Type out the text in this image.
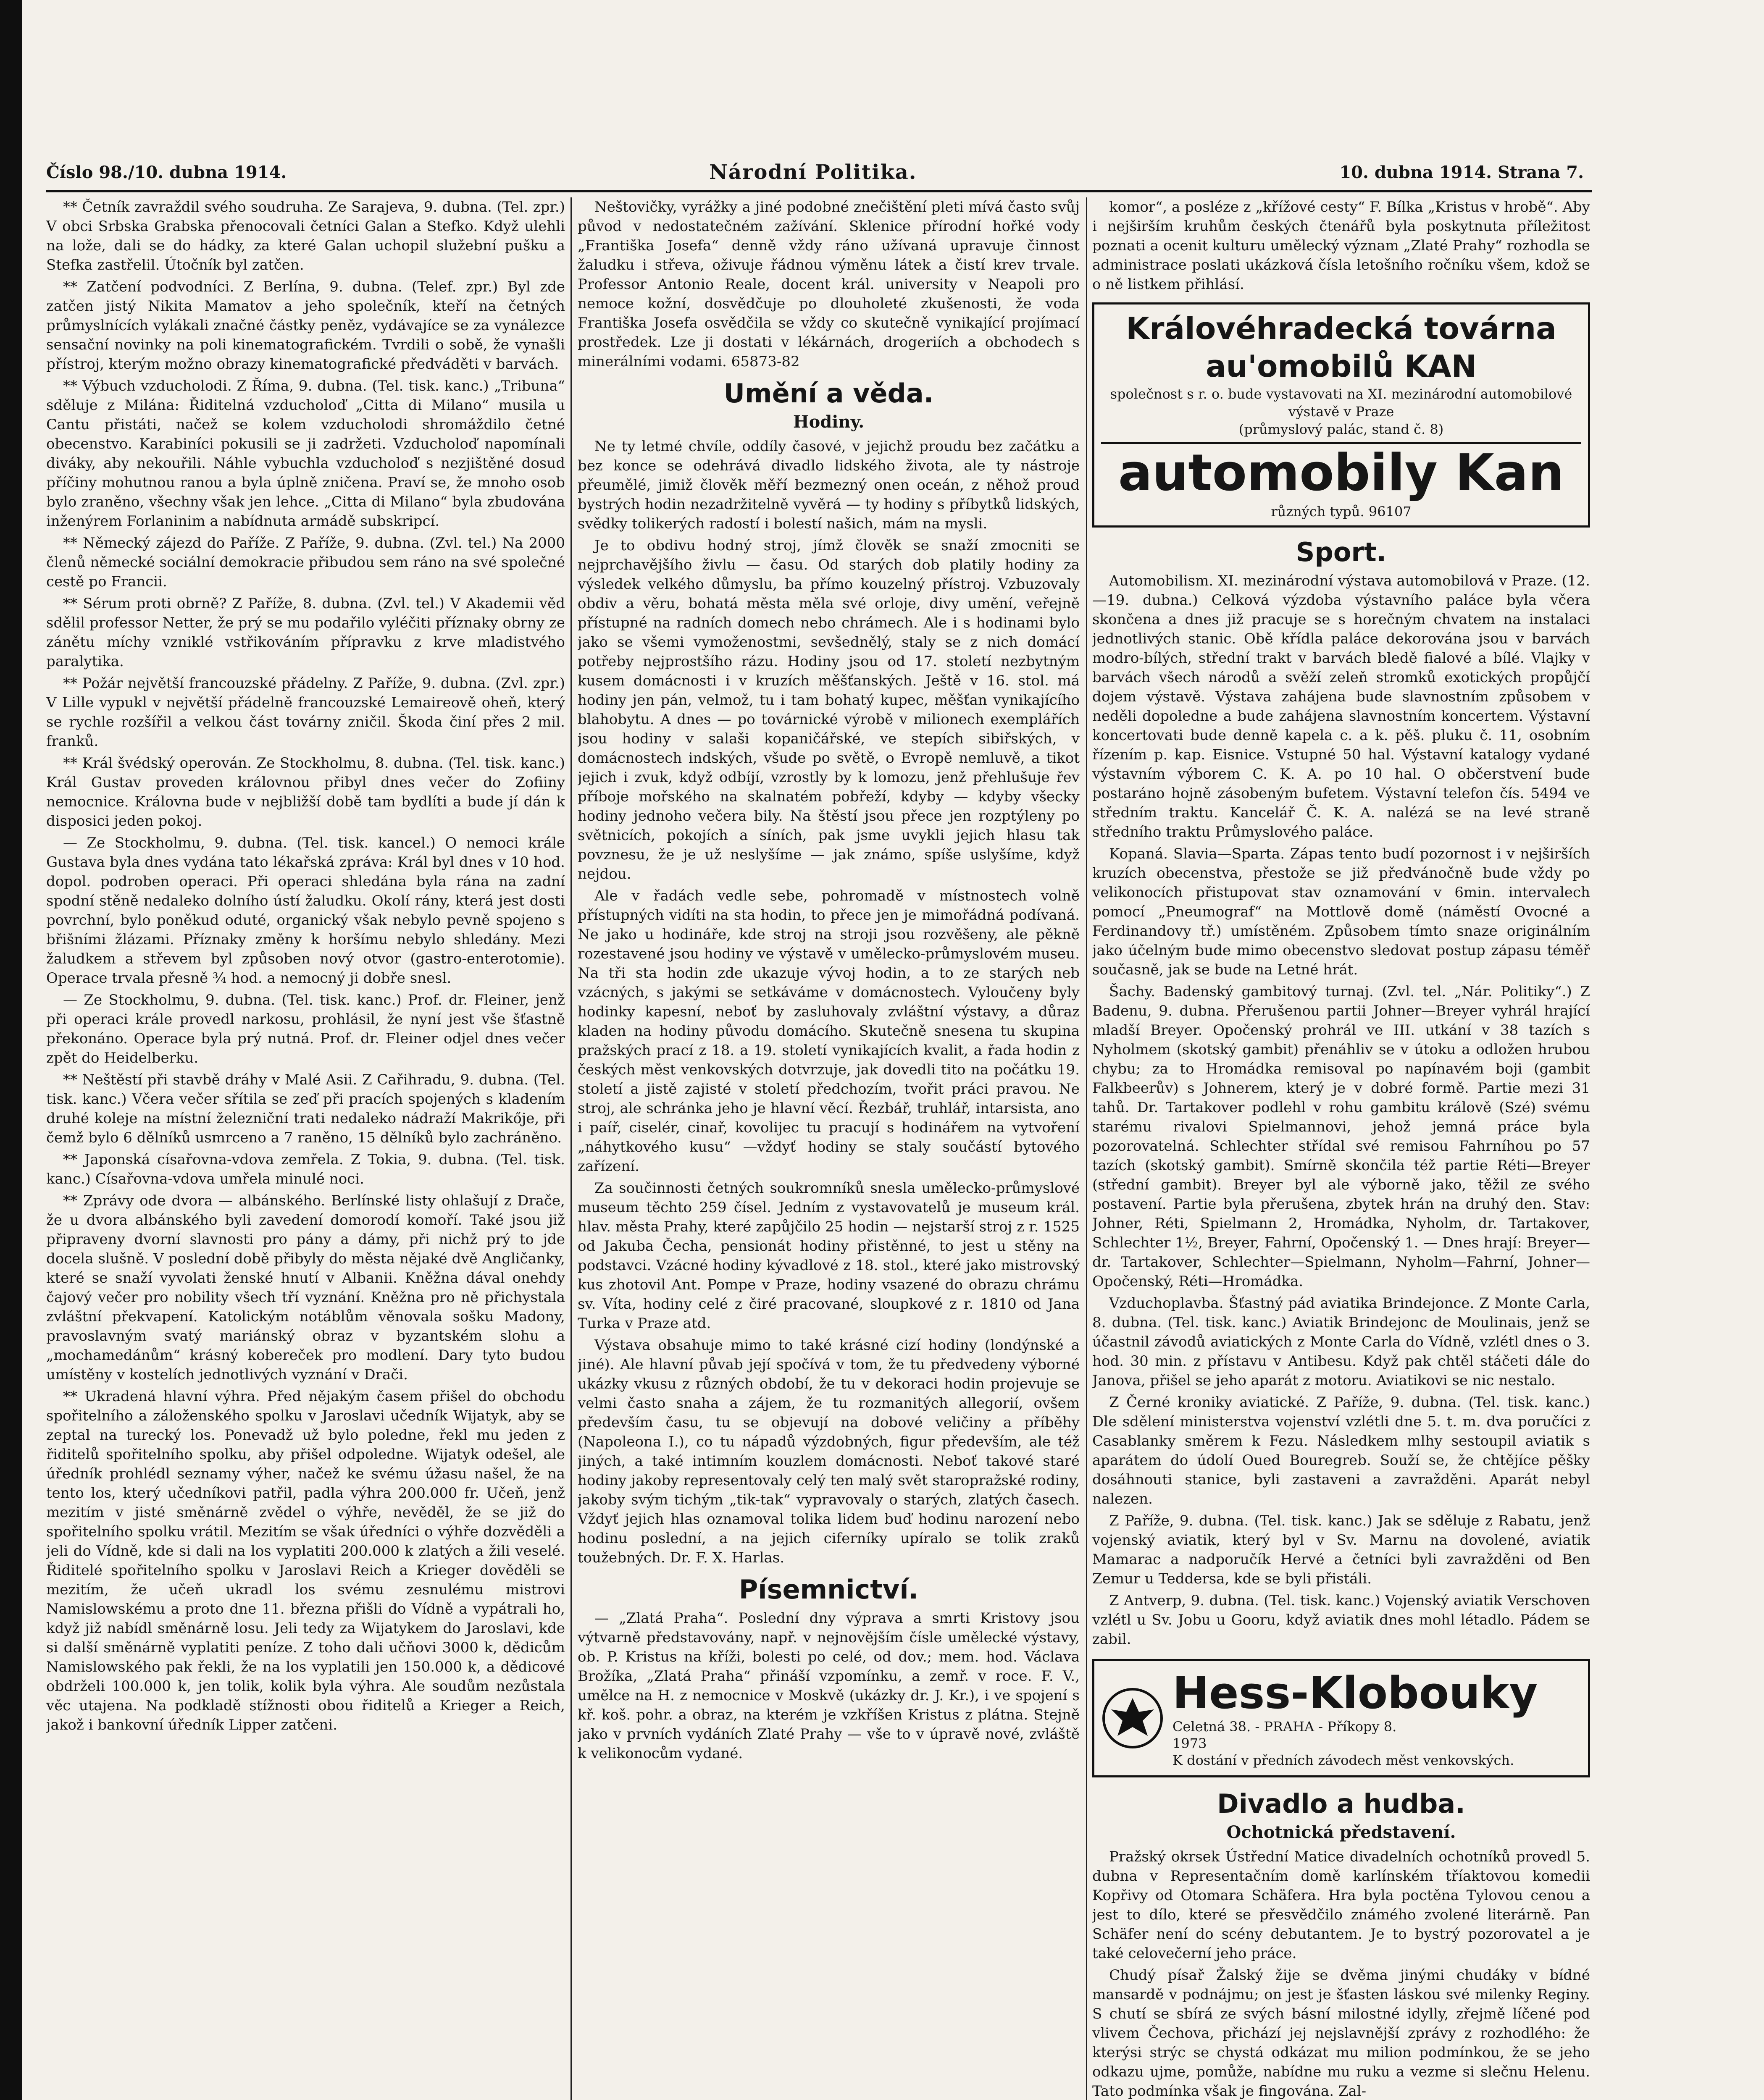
Číslo 98./10. dubna 1914.	Národní Politika.	10. dubna 1914. Strana 7.

** Četník zavraždil svého soudruha. Ze Sarajeva, 9. dubna. (Tel. zpr.) V obci Srbska Grabska přenocovali četníci Galan a Stefko. Když ulehli na lože, dali se do hádky, za které Galan uchopil služební pušku a Stefka zastřelil. Útočník byl zatčen.

** Zatčení podvodníci. Z Berlína, 9. dubna. (Telef. zpr.) Byl zde zatčen jistý Nikita Mamatov a jeho společník, kteří na četných průmyslnících vylákali značné částky peněz, vydávajíce se za vynálezce sensační novinky na poli kinematografickém. Tvrdili o sobě, že vynašli přístroj, kterým možno obrazy kinematografické předváděti v barvách.

** Výbuch vzducholodi. Z Říma, 9. dubna. (Tel. tisk. kanc.) „Tribuna“ sděluje z Milána: Řiditelná vzducholoď „Citta di Milano“ musila u Cantu přistáti, načež se kolem vzducholodi shromáždilo četné obecenstvo. Karabiníci pokusili se ji zadržeti. Vzducholoď napomínali diváky, aby nekouřili. Náhle vybuchla vzducholoď s nezjištěné dosud příčiny mohutnou ranou a byla úplně zničena. Praví se, že mnoho osob bylo zraněno, všechny však jen lehce. „Citta di Milano“ byla zbudována inženýrem Forlaninim a nabídnuta armádě subskripcí.

** Německý zájezd do Paříže. Z Paříže, 9. dubna. (Zvl. tel.) Na 2000 členů německé sociální demokracie přibudou sem ráno na své společné cestě po Francii.

** Sérum proti obrně? Z Paříže, 8. dubna. (Zvl. tel.) V Akademii věd sdělil professor Netter, že prý se mu podařilo vyléčiti příznaky obrny ze zánětu míchy vzniklé vstřikováním přípravku z krve mladistvého paralytika.

** Požár největší francouzské přádelny. Z Paříže, 9. dubna. (Zvl. zpr.) V Lille vypukl v největší přádelně francouzské Lemaireově oheň, který se rychle rozšířil a velkou část továrny zničil. Škoda činí přes 2 mil. franků.

** Král švédský operován. Ze Stockholmu, 8. dubna. (Tel. tisk. kanc.) Král Gustav proveden královnou přibyl dnes večer do Zofiiny nemocnice. Královna bude v nejbližší době tam bydlíti a bude jí dán k disposici jeden pokoj.

— Ze Stockholmu, 9. dubna. (Tel. tisk. kancel.) O nemoci krále Gustava byla dnes vydána tato lékařská zpráva: Král byl dnes v 10 hod. dopol. podroben operaci. Při operaci shledána byla rána na zadní spodní stěně nedaleko dolního ústí žaludku. Okolí rány, která jest dosti povrchní, bylo poněkud oduté, organický však nebylo pevně spojeno s břišními žlázami. Příznaky změny k horšímu nebylo shledány. Mezi žaludkem a střevem byl způsoben nový otvor (gastro-enterotomie). Operace trvala přesně ¾ hod. a nemocný ji dobře snesl.

— Ze Stockholmu, 9. dubna. (Tel. tisk. kanc.) Prof. dr. Fleiner, jenž při operaci krále provedl narkosu, prohlásil, že nyní jest vše šťastně překonáno. Operace byla prý nutná. Prof. dr. Fleiner odjel dnes večer zpět do Heidelberku.

** Neštěstí při stavbě dráhy v Malé Asii. Z Cařihradu, 9. dubna. (Tel. tisk. kanc.) Včera večer sřítila se zeď při pracích spojených s kladením druhé koleje na místní železniční trati nedaleko nádraží Makrikője, při čemž bylo 6 dělníků usmrceno a 7 raněno, 15 dělníků bylo zachráněno.

** Japonská císařovna-vdova zemřela. Z Tokia, 9. dubna. (Tel. tisk. kanc.) Císařovna-vdova umřela minulé noci.

** Zprávy ode dvora — albánského. Berlínské listy ohlašují z Drače, že u dvora albánského byli zavedení domorodí komoří. Také jsou již připraveny dvorní slavnosti pro pány a dámy, při nichž prý to jde docela slušně. V poslední době přibyly do města nějaké dvě Angličanky, které se snaží vyvolati ženské hnutí v Albanii. Kněžna dával onehdy čajový večer pro nobility všech tří vyznání. Kněžna pro ně přichystala zvláštní překvapení. Katolickým notáblům věnovala sošku Madony, pravoslavným svatý mariánský obraz v byzantském slohu a „mochamedánům“ krásný kobereček pro modlení. Dary tyto budou umístěny v kostelích jednotlivých vyznání v Drači.

** Ukradená hlavní výhra. Před nějakým časem přišel do obchodu spořitelního a záloženského spolku v Jaroslavi učedník Wijatyk, aby se zeptal na turecký los. Ponevadž už bylo poledne, řekl mu jeden z řiditelů spořitelního spolku, aby přišel odpoledne. Wijatyk odešel, ale úředník prohlédl seznamy výher, načež ke svému úžasu našel, že na tento los, který učedníkovi patřil, padla výhra 200.000 fr. Učeň, jenž mezitím v jisté směnárně zvědel o výhře, nevěděl, že se již do spořitelního spolku vrátil. Mezitím se však úředníci o výhře dozvěděli a jeli do Vídně, kde si dali na los vyplatiti 200.000 k zlatých a žili veselé. Řiditelé spořitelního spolku v Jaroslavi Reich a Krieger dověděli se mezitím, že učeň ukradl los svému zesnulému mistrovi Namislowskému a proto dne 11. března přišli do Vídně a vypátrali ho, když již nabídl směnárně losu. Jeli tedy za Wijatykem do Jaroslavi, kde si další směnárně vyplatiti peníze. Z toho dali učňovi 3000 k, dědicům Namislowského pak řekli, že na los vyplatili jen 150.000 k, a dědicové obdrželi 100.000 k, jen tolik, kolik byla výhra. Ale soudům nezůstala věc utajena. Na podkladě stížnosti obou řiditelů a Krieger a Reich, jakož i bankovní úředník Lipper zatčeni.

Neštovičky, vyrážky a jiné podobné znečištění pleti mívá často svůj původ v nedostatečném zažívání. Sklenice přírodní hořké vody „Františka Josefa“ denně vždy ráno užívaná upravuje činnost žaludku i střeva, oživuje řádnou výměnu látek a čistí krev trvale. Professor Antonio Reale, docent král. university v Neapoli pro nemoce kožní, dosvědčuje po dlouholeté zkušenosti, že voda Františka Josefa osvědčila se vždy co skutečně vynikající projímací prostředek. Lze ji dostati v lékárnách, drogeriích a obchodech s minerálními vodami. 65873-82

Umění a věda.
Hodiny.

Ne ty letmé chvíle, oddíly časové, v jejichž proudu bez začátku a bez konce se odehrává divadlo lidského života, ale ty nástroje přeumělé, jimiž člověk měří bezmezný onen oceán, z něhož proud bystrých hodin nezadržitelně vyvěrá — ty hodiny s příbytků lidských, svědky tolikerých radostí i bolestí našich, mám na mysli.

Je to obdivu hodný stroj, jímž člověk se snaží zmocniti se nejprchavějšího živlu — času. Od starých dob platily hodiny za výsledek velkého důmyslu, ba přímo kouzelný přístroj. Vzbuzovaly obdiv a věru, bohatá města měla své orloje, divy umění, veřejně přístupné na radních domech nebo chrámech. Ale i s hodinami bylo jako se všemi vymoženostmi, sevšednělý, staly se z nich domácí potřeby nejprostšího rázu. Hodiny jsou od 17. století nezbytným kusem domácnosti i v kruzích měšťanských. Ještě v 16. stol. má hodiny jen pán, velmož, tu i tam bohatý kupec, měšťan vynikajícího blahobytu. A dnes — po továrnické výrobě v milionech exemplářích jsou hodiny v salaši kopaničářské, ve stepích sibiřských, v domácnostech indských, všude po světě, o Evropě nemluvě, a tikot jejich i zvuk, když odbíjí, vzrostly by k lomozu, jenž přehlušuje řev příboje mořského na skalnatém pobřeží, kdyby — kdyby všecky hodiny jednoho večera bily. Na štěstí jsou přece jen rozptýleny po světnicích, pokojích a síních, pak jsme uvykli jejich hlasu tak povznesu, že je už neslyšíme — jak známo, spíše uslyšíme, když nejdou.

Ale v řadách vedle sebe, pohromadě v místnostech volně přístupných vidíti na sta hodin, to přece jen je mimořádná podívaná. Ne jako u hodináře, kde stroj na stroji jsou rozvěšeny, ale pěkně rozestavené jsou hodiny ve výstavě v umělecko-průmyslovém museu. Na tři sta hodin zde ukazuje vývoj hodin, a to ze starých neb vzácných, s jakými se setkáváme v domácnostech. Vyloučeny byly hodinky kapesní, neboť by zasluhovaly zvláštní výstavy, a důraz kladen na hodiny původu domácího. Skutečně snesena tu skupina pražských prací z 18. a 19. století vynikajících kvalit, a řada hodin z českých měst venkovských dotvrzuje, jak dovedli tito na počátku 19. století a jistě zajisté v století předchozím, tvořit práci pravou. Ne stroj, ale schránka jeho je hlavní věcí. Řezbář, truhlář, intarsista, ano i paíř, ciselér, cinař, kovolijec tu pracují s hodinářem na vytvoření „náhytkového kusu“ —vždyť hodiny se staly součástí bytového zařízení.

Za součinnosti četných soukromníků snesla umělecko-průmyslové museum těchto 259 čísel. Jedním z vystavovatelů je museum král. hlav. města Prahy, které zapůjčilo 25 hodin — nejstarší stroj z r. 1525 od Jakuba Čecha, pensionát hodiny přistěnné, to jest u stěny na podstavci. Vzácné hodiny kývadlové z 18. stol., které jako mistrovský kus zhotovil Ant. Pompe v Praze, hodiny vsazené do obrazu chrámu sv. Víta, hodiny celé z čiré pracované, sloupkové z r. 1810 od Jana Turka v Praze atd.

Výstava obsahuje mimo to také krásné cizí hodiny (londýnské a jiné). Ale hlavní půvab její spočívá v tom, že tu předvedeny výborné ukázky vkusu z různých období, že tu v dekoraci hodin projevuje se velmi často snaha a zájem, že tu rozmanitých allegorií, ovšem především času, tu se objevují na dobové veličiny a příběhy (Napoleona I.), co tu nápadů výzdobných, figur především, ale též jiných, a také intimním kouzlem domácnosti. Neboť takové staré hodiny jakoby representovaly celý ten malý svět staropražské rodiny, jakoby svým tichým „tik-tak“ vypravovaly o starých, zlatých časech. Vždyť jejich hlas oznamoval tolika lidem buď hodinu narození nebo hodinu poslední, a na jejich ciferníky upíralo se tolik zraků toužebných. Dr. F. X. Harlas.

Písemnictví.

— „Zlatá Praha“. Poslední dny výprava a smrti Kristovy jsou výtvarně představovány, např. v nejnovějším čísle umělecké výstavy, ob. P. Kristus na kříži, bolesti po celé, od dov.; mem. hod. Václava Brožíka, „Zlatá Praha“ přináší vzpomínku, a zemř. v roce. F. V., umělce na H. z nemocnice v Moskvě (ukázky dr. J. Kr.), i ve spojení s kř. koš. pohr. a obraz, na kterém je vzkříšen Kristus z plátna. Stejně jako v prvních vydáních Zlaté Prahy — vše to v úpravě nové, zvláště k velikonocům vydané.

komor“, a posléze z „křížové cesty“ F. Bílka „Kristus v hrobě“. Aby i nejširším kruhům českých čtenářů byla poskytnuta příležitost poznati a ocenit kulturu umělecký význam „Zlaté Prahy“ rozhodla se administrace poslati ukázková čísla letošního ročníku všem, kdož se o ně listkem přihlásí.

Královéhradecká továrna au'omobilů KAN
společnost s r. o. bude vystavovati na XI. mezinárodní automobilové výstavě v Praze
(průmyslový palác, stand č. 8)
automobily Kan
různých typů. 96107
Sport.

Automobilism. XI. mezinárodní výstava automobilová v Praze. (12.—19. dubna.) Celková výzdoba výstavního paláce byla včera skončena a dnes již pracuje se s horečným chvatem na instalaci jednotlivých stanic. Obě křídla paláce dekorována jsou v barvách modro-bílých, střední trakt v barvách bledě fialové a bílé. Vlajky v barvách všech národů a svěží zeleň stromků exotických propůjčí dojem výstavě. Výstava zahájena bude slavnostním způsobem v neděli dopoledne a bude zahájena slavnostním koncertem. Výstavní koncertovati bude denně kapela c. a k. pěš. pluku č. 11, osobním řízením p. kap. Eisnice. Vstupné 50 hal. Výstavní katalogy vydané výstavním výborem C. K. A. po 10 hal. O občerstvení bude postaráno hojně zásobeným bufetem. Výstavní telefon čís. 5494 ve středním traktu. Kancelář Č. K. A. nalézá se na levé straně středního traktu Průmyslového paláce.

Kopaná. Slavia—Sparta. Zápas tento budí pozornost i v nejširších kruzích obecenstva, přestože se již předvánočně bude vždy po velikonocích přistupovat stav oznamování v 6min. intervalech pomocí „Pneumograf“ na Mottlově domě (náměstí Ovocné a Ferdinandovy tř.) umístěném. Způsobem tímto snaze originálním jako účelným bude mimo obecenstvo sledovat postup zápasu téměř současně, jak se bude na Letné hrát.

Šachy. Badenský gambitový turnaj. (Zvl. tel. „Nár. Politiky“.) Z Badenu, 9. dubna. Přerušenou partii Johner—Breyer vyhrál hrající mladší Breyer. Opočenský prohrál ve III. utkání v 38 tazích s Nyholmem (skotský gambit) přenáhliv se v útoku a odložen hrubou chybu; za to Hromádka remisoval po napínavém boji (gambit Falkbeerův) s Johnerem, který je v dobré formě. Partie mezi 31 tahů. Dr. Tartakover podlehl v rohu gambitu králově (Szé) svému starému rivalovi Spielmannovi, jehož jemná práce byla pozorovatelná. Schlechter střídal své remisou Fahrníhou po 57 tazích (skotský gambit). Smírně skončila též partie Réti—Breyer (střední gambit). Breyer byl ale výborně jako, těžil ze svého postavení. Partie byla přerušena, zbytek hrán na druhý den. Stav: Johner, Réti, Spielmann 2, Hromádka, Nyholm, dr. Tartakover, Schlechter 1½, Breyer, Fahrní, Opočenský 1. — Dnes hrají: Breyer—dr. Tartakover, Schlechter—Spielmann, Nyholm—Fahrní, Johner—Opočenský, Réti—Hromádka.

Vzduchoplavba. Šťastný pád aviatika Brindejonce. Z Monte Carla, 8. dubna. (Tel. tisk. kanc.) Aviatik Brindejonc de Moulinais, jenž se účastnil závodů aviatických z Monte Carla do Vídně, vzlétl dnes o 3. hod. 30 min. z přístavu v Antibesu. Když pak chtěl stáčeti dále do Janova, přišel se jeho aparát z motoru. Aviatikovi se nic nestalo.

Z Černé kroniky aviatické. Z Paříže, 9. dubna. (Tel. tisk. kanc.) Dle sdělení ministerstva vojenství vzlétli dne 5. t. m. dva poručíci z Casablanky směrem k Fezu. Následkem mlhy sestoupil aviatik s aparátem do údolí Oued Bouregreb. Souží se, že chtějíce pěšky dosáhnouti stanice, byli zastaveni a zavražděni. Aparát nebyl nalezen.

Z Paříže, 9. dubna. (Tel. tisk. kanc.) Jak se sděluje z Rabatu, jenž vojenský aviatik, který byl v Sv. Marnu na dovolené, aviatik Mamarac a nadporučík Hervé a četníci byli zavražděni od Ben Zemur u Teddersa, kde se byli přistáli.

Z Antverp, 9. dubna. (Tel. tisk. kanc.) Vojenský aviatik Verschoven vzlétl u Sv. Jobu u Gooru, když aviatik dnes mohl létadlo. Pádem se zabil.

Hess-Klobouky
Celetná 38. - PRAHA - Příkopy 8.
1973
K dostání v předních závodech měst venkovských.
Divadlo a hudba.
Ochotnická představení.

Pražský okrsek Ústřední Matice divadelních ochotníků provedl 5. dubna v Representačním domě karlínském tříaktovou komedii Kopřivy od Otomara Schäfera. Hra byla poctěna Tylovou cenou a jest to dílo, které se přesvědčilo známého zvolené literárně. Pan Schäfer není do scény debutantem. Je to bystrý pozorovatel a je také celovečerní jeho práce.

Chudý písař Žalský žije se dvěma jinými chudáky v bídné mansardě v podnájmu; on jest je šťasten láskou své milenky Reginy. S chutí se sbírá ze svých básní milostné idylly, zřejmě líčené pod vlivem Čechova, přichází jej nejslavnější zprávy z rozhodlého: že kterýsi strýc se chystá odkázat mu milion podmínkou, že se jeho odkazu ujme, pomůže, nabídne mu ruku a vezme si slečnu Helenu. Tato podmínka však je fingována. Zal-
